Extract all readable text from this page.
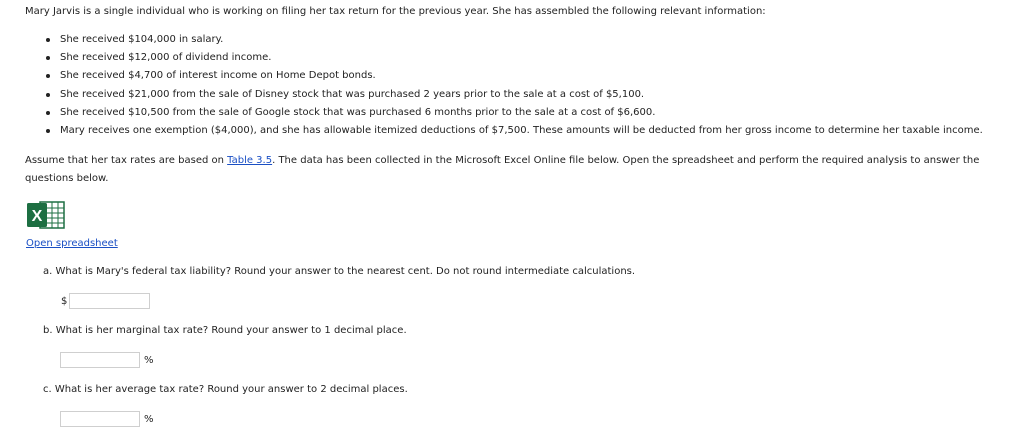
Mary Jarvis is a single individual who is working on filing her tax return for the previous year. She has assembled the following relevant information:
She received $104,000 in salary.
She received $12,000 of dividend income.
She received $4,700 of interest income on Home Depot bonds.
She received $21,000 from the sale of Disney stock that was purchased 2 years prior to the sale at a cost of $5,100.
She received $10,500 from the sale of Google stock that was purchased 6 months prior to the sale at a cost of $6,600.
Mary receives one exemption ($4,000), and she has allowable itemized deductions of $7,500. These amounts will be deducted from her gross income to determine her taxable income.
Assume that her tax rates are based on Table 3.5. The data has been collected in the Microsoft Excel Online file below. Open the spreadsheet and perform the required analysis to answer the questions below.
X
Open spreadsheet
a. What is Mary's federal tax liability? Round your answer to the nearest cent. Do not round intermediate calculations.
$
b. What is her marginal tax rate? Round your answer to 1 decimal place.
%
c. What is her average tax rate? Round your answer to 2 decimal places.
%
